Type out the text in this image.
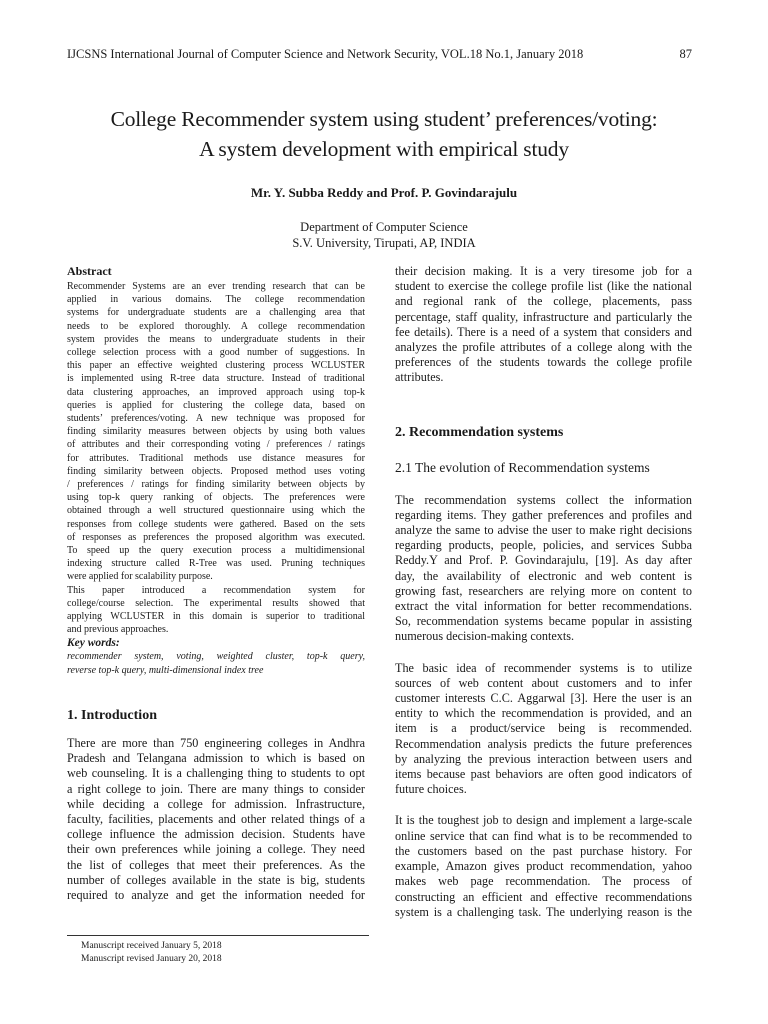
IJCSNS International Journal of Computer Science and Network Security, VOL.18 No.1, January 2018	87
College Recommender system using student’ preferences/voting:
A system development with empirical study
Mr. Y. Subba Reddy and Prof. P. Govindarajulu
Department of Computer Science
S.V. University, Tirupati, AP, INDIA
Abstract
Recommender Systems are an ever trending research that can be
applied in various domains. The college recommendation
systems for undergraduate students are a challenging area that
needs to be explored thoroughly. A college recommendation
system provides the means to undergraduate students in their
college selection process with a good number of suggestions. In
this paper an effective weighted clustering process WCLUSTER
is implemented using R-tree data structure. Instead of traditional
data clustering approaches, an improved approach using top-k
queries is applied for clustering the college data, based on
students’ preferences/voting. A new technique was proposed for
finding similarity measures between objects by using both values
of attributes and their corresponding voting / preferences / ratings
for attributes. Traditional methods use distance measures for
finding similarity between objects. Proposed method uses voting
/ preferences / ratings for finding similarity between objects by
using top-k query ranking of objects. The preferences were
obtained through a well structured questionnaire using which the
responses from college students were gathered. Based on the sets
of responses as preferences the proposed algorithm was executed.
To speed up the query execution process a multidimensional
indexing structure called R-Tree was used. Pruning techniques
were applied for scalability purpose.
This paper introduced a recommendation system for
college/course selection. The experimental results showed that
applying WCLUSTER in this domain is superior to traditional
and previous approaches.
Key words:
recommender system, voting, weighted cluster, top-k query,
reverse top-k query, multi-dimensional index tree
1. Introduction
There are more than 750 engineering colleges in Andhra
Pradesh and Telangana admission to which is based on
web counseling. It is a challenging thing to students to opt
a right college to join. There are many things to consider
while deciding a college for admission. Infrastructure,
faculty, facilities, placements and other related things of a
college influence the admission decision. Students have
their own preferences while joining a college. They need
the list of colleges that meet their preferences. As the
number of colleges available in the state is big, students
required to analyze and get the information needed for
their decision making. It is a very tiresome job for a
student to exercise the college profile list (like the national
and regional rank of the college, placements, pass
percentage, staff quality, infrastructure and particularly the
fee details). There is a need of a system that considers and
analyzes the profile attributes of a college along with the
preferences of the students towards the college profile
attributes.
2. Recommendation systems
2.1 The evolution of Recommendation systems
The recommendation systems collect the information
regarding items. They gather preferences and profiles and
analyze the same to advise the user to make right decisions
regarding products, people, policies, and services Subba
Reddy.Y and Prof. P. Govindarajulu, [19]. As day after
day, the availability of electronic and web content is
growing fast, researchers are relying more on content to
extract the vital information for better recommendations.
So, recommendation systems became popular in assisting
numerous decision-making contexts.
The basic idea of recommender systems is to utilize
sources of web content about customers and to infer
customer interests C.C. Aggarwal [3]. Here the user is an
entity to which the recommendation is provided, and an
item is a product/service being is recommended.
Recommendation analysis predicts the future preferences
by analyzing the previous interaction between users and
items because past behaviors are often good indicators of
future choices.
It is the toughest job to design and implement a large-scale
online service that can find what is to be recommended to
the customers based on the past purchase history. For
example, Amazon gives product recommendation, yahoo
makes web page recommendation. The process of
constructing an efficient and effective recommendations
system is a challenging task. The underlying reason is the
Manuscript received January 5, 2018
Manuscript revised January 20, 2018
